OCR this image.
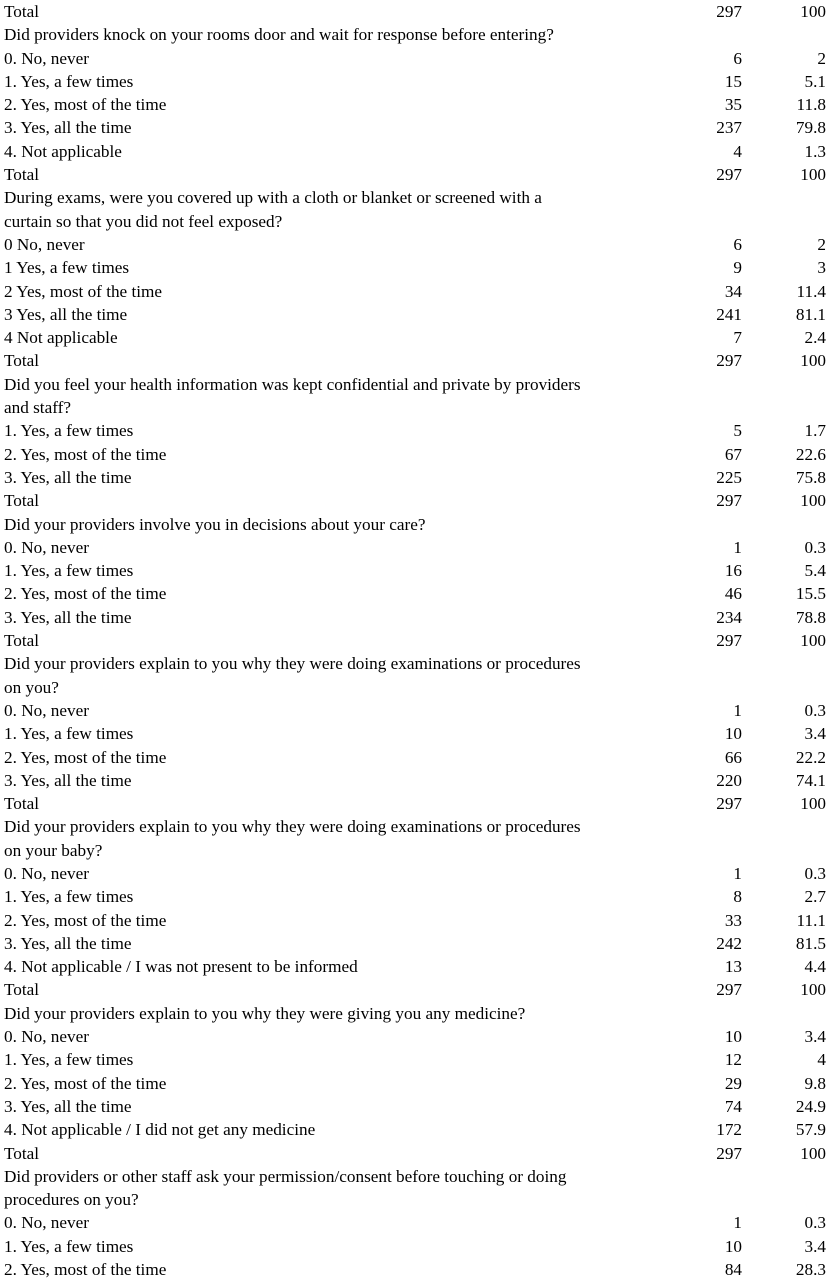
Total	297	100
Did providers knock on your rooms door and wait for response before entering?
0. No, never	6	2
1. Yes, a few times	15	5.1
2. Yes, most of the time	35	11.8
3. Yes, all the time	237	79.8
4. Not applicable	4	1.3
Total	297	100
During exams, were you covered up with a cloth or blanket or screened with a
curtain so that you did not feel exposed?
0 No, never	6	2
1 Yes, a few times	9	3
2 Yes, most of the time	34	11.4
3 Yes, all the time	241	81.1
4 Not applicable	7	2.4
Total	297	100
Did you feel your health information was kept confidential and private by providers
and staff?
1. Yes, a few times	5	1.7
2. Yes, most of the time	67	22.6
3. Yes, all the time	225	75.8
Total	297	100
Did your providers involve you in decisions about your care?
0. No, never	1	0.3
1. Yes, a few times	16	5.4
2. Yes, most of the time	46	15.5
3. Yes, all the time	234	78.8
Total	297	100
Did your providers explain to you why they were doing examinations or procedures
on you?
0. No, never	1	0.3
1. Yes, a few times	10	3.4
2. Yes, most of the time	66	22.2
3. Yes, all the time	220	74.1
Total	297	100
Did your providers explain to you why they were doing examinations or procedures
on your baby?
0. No, never	1	0.3
1. Yes, a few times	8	2.7
2. Yes, most of the time	33	11.1
3. Yes, all the time	242	81.5
4. Not applicable / I was not present to be informed	13	4.4
Total	297	100
Did your providers explain to you why they were giving you any medicine?
0. No, never	10	3.4
1. Yes, a few times	12	4
2. Yes, most of the time	29	9.8
3. Yes, all the time	74	24.9
4. Not applicable / I did not get any medicine	172	57.9
Total	297	100
Did providers or other staff ask your permission/consent before touching or doing
procedures on you?
0. No, never	1	0.3
1. Yes, a few times	10	3.4
2. Yes, most of the time	84	28.3
